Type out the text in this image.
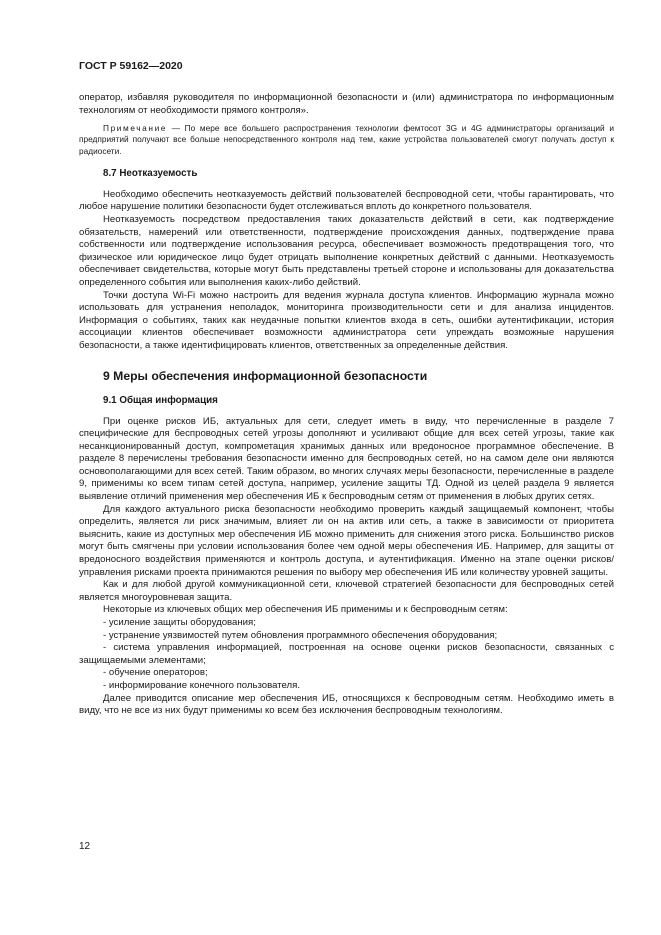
ГОСТ Р 59162—2020

оператор, избавляя руководителя по информационной безопасности и (или) администратора по информационным технологиям от необходимости прямого контроля».

Примечание — По мере все большего распространения технологии фемтосот 3G и 4G администраторы организаций и предприятий получают все больше непосредственного контроля над тем, какие устройства пользователей смогут получать доступ к радиосети.

8.7 Неотказуемость

Необходимо обеспечить неотказуемость действий пользователей беспроводной сети, чтобы гарантировать, что любое нарушение политики безопасности будет отслеживаться вплоть до конкретного пользователя.

Неотказуемость посредством предоставления таких доказательств действий в сети, как подтверждение обязательств, намерений или ответственности, подтверждение происхождения данных, подтверждение права собственности или подтверждение использования ресурса, обеспечивает возможность предотвращения того, что физическое или юридическое лицо будет отрицать выполнение конкретных действий с данными. Неотказуемость обеспечивает свидетельства, которые могут быть представлены третьей стороне и использованы для доказательства определенного события или выполнения каких-либо действий.

Точки доступа Wi-Fi можно настроить для ведения журнала доступа клиентов. Информацию журнала можно использовать для устранения неполадок, мониторинга производительности сети и для анализа инцидентов. Информация о событиях, таких как неудачные попытки клиентов входа в сеть, ошибки аутентификации, история ассоциации клиентов обеспечивает возможности администратора сети упреждать возможные нарушения безопасности, а также идентифицировать клиентов, ответственных за определенные действия.

9 Меры обеспечения информационной безопасности
9.1 Общая информация

При оценке рисков ИБ, актуальных для сети, следует иметь в виду, что перечисленные в разделе 7 специфические для беспроводных сетей угрозы дополняют и усиливают общие для всех сетей угрозы, такие как несанкционированный доступ, компрометация хранимых данных или вредоносное программное обеспечение. В разделе 8 перечислены требования безопасности именно для беспроводных сетей, но на самом деле они являются основополагающими для всех сетей. Таким образом, во многих случаях меры безопасности, перечисленные в разделе 9, применимы ко всем типам сетей доступа, например, усиление защиты ТД. Одной из целей раздела 9 является выявление отличий применения мер обеспечения ИБ к беспроводным сетям от применения в любых других сетях.

Для каждого актуального риска безопасности необходимо проверить каждый защищаемый компонент, чтобы определить, является ли риск значимым, влияет ли он на актив или сеть, а также в зависимости от приоритета выяснить, какие из доступных мер обеспечения ИБ можно применить для снижения этого риска. Большинство рисков могут быть смягчены при условии использования более чем одной меры обеспечения ИБ. Например, для защиты от вредоносного воздействия применяются и контроль доступа, и аутентификация. Именно на этапе оценки рисков/управления рисками проекта принимаются решения по выбору мер обеспечения ИБ или количеству уровней защиты.

Как и для любой другой коммуникационной сети, ключевой стратегией безопасности для беспроводных сетей является многоуровневая защита.

Некоторые из ключевых общих мер обеспечения ИБ применимы и к беспроводным сетям:

- усиление защиты оборудования;

- устранение уязвимостей путем обновления программного обеспечения оборудования;

- система управления информацией, построенная на основе оценки рисков безопасности, связанных с защищаемыми элементами;

- обучение операторов;

- информирование конечного пользователя.

Далее приводится описание мер обеспечения ИБ, относящихся к беспроводным сетям. Необходимо иметь в виду, что не все из них будут применимы ко всем без исключения беспроводным технологиям.

12
